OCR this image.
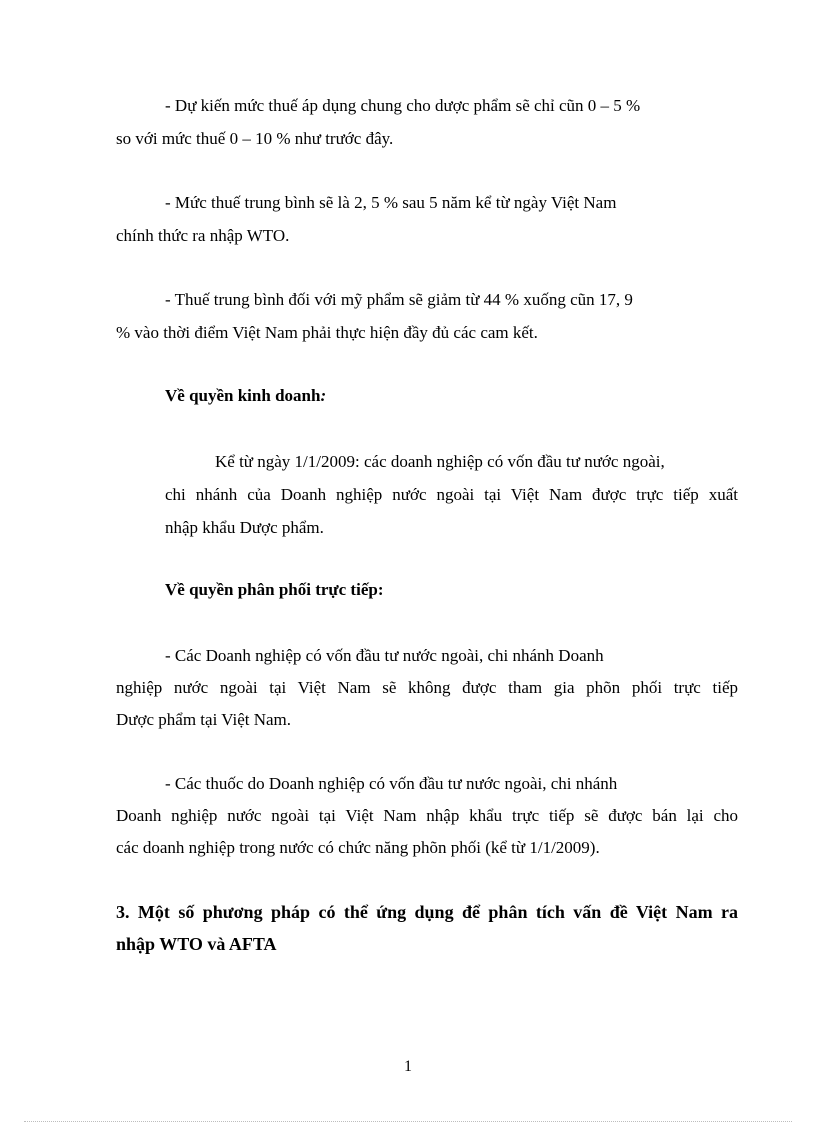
- Dự kiến mức thuế áp dụng chung cho dược phẩm sẽ chỉ cũn 0 – 5 %
so với mức thuế 0 – 10 % như trước đây.
- Mức thuế trung bình sẽ là 2, 5 % sau 5 năm kể từ ngày Việt Nam
chính thức ra nhập WTO.
- Thuế trung bình đối với mỹ phẩm sẽ giảm từ 44 % xuống cũn 17, 9
% vào thời điểm Việt Nam phải thực hiện đầy đủ các cam kết.
Về quyền kinh doanh:
Kể từ ngày 1/1/2009: các doanh nghiệp có vốn đầu tư nước ngoài,
chi nhánh của Doanh nghiệp nước ngoài tại Việt Nam được trực tiếp xuất
nhập khẩu Dược phẩm.
Về quyền phân phối trực tiếp:
- Các Doanh nghiệp có vốn đầu tư nước ngoài, chi nhánh Doanh
nghiệp nước ngoài tại Việt Nam sẽ không được tham gia phõn phối trực tiếp
Dược phẩm tại Việt Nam.
- Các thuốc do Doanh nghiệp có vốn đầu tư nước ngoài, chi nhánh
Doanh nghiệp nước ngoài tại Việt Nam nhập khẩu trực tiếp sẽ được bán lại cho
các doanh nghiệp trong nước có chức năng phõn phối (kể từ 1/1/2009).
3. Một số phương pháp có thể ứng dụng để phân tích vấn đề Việt Nam ra
nhập WTO và AFTA
1
